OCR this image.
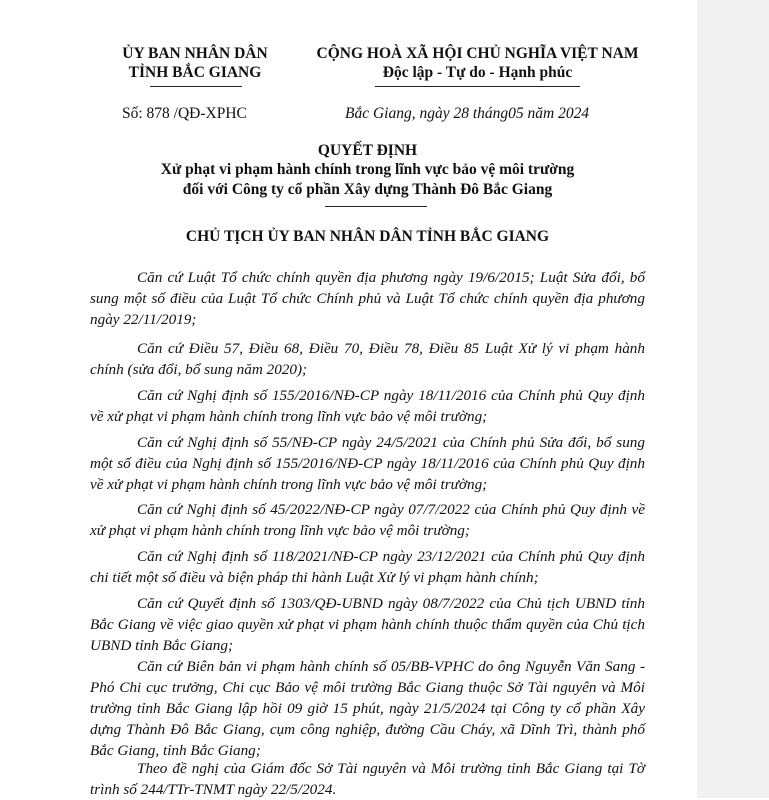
ỦY BAN NHÂN DÂN
TỈNH BẮC GIANG
CỘNG HOÀ XÃ HỘI CHỦ NGHĨA VIỆT NAM
Độc lập - Tự do - Hạnh phúc
Số: 878 /QĐ-XPHC	Bắc Giang, ngày 28 tháng05 năm 2024
QUYẾT ĐỊNH
Xử phạt vi phạm hành chính trong lĩnh vực bảo vệ môi trường
đối với Công ty cổ phần Xây dựng Thành Đô Bắc Giang
CHỦ TỊCH ỦY BAN NHÂN DÂN TỈNH BẮC GIANG
Căn cứ Luật Tổ chức chính quyền địa phương ngày 19/6/2015; Luật Sửa đổi, bổ sung một số điều của Luật Tổ chức Chính phủ và Luật Tổ chức chính quyền địa phương ngày 22/11/2019;
Căn cứ Điều 57, Điều 68, Điều 70, Điều 78, Điều 85 Luật Xử lý vi phạm hành chính (sửa đổi, bổ sung năm 2020);
Căn cứ Nghị định số 155/2016/NĐ-CP ngày 18/11/2016 của Chính phủ Quy định về xử phạt vi phạm hành chính trong lĩnh vực bảo vệ môi trường;
Căn cứ Nghị định số 55/NĐ-CP ngày 24/5/2021 của Chính phủ Sửa đổi, bổ sung một số điều của Nghị định số 155/2016/NĐ-CP ngày 18/11/2016 của Chính phủ Quy định về xử phạt vi phạm hành chính trong lĩnh vực bảo vệ môi trường;
Căn cứ Nghị định số 45/2022/NĐ-CP ngày 07/7/2022 của Chính phủ Quy định về xử phạt vi phạm hành chính trong lĩnh vực bảo vệ môi trường;
Căn cứ Nghị định số 118/2021/NĐ-CP ngày 23/12/2021 của Chính phủ Quy định chi tiết một số điều và biện pháp thi hành Luật Xử lý vi phạm hành chính;
Căn cứ Quyết định số 1303/QĐ-UBND ngày 08/7/2022 của Chủ tịch UBND tỉnh Bắc Giang về việc giao quyền xử phạt vi phạm hành chính thuộc thẩm quyền của Chủ tịch UBND tỉnh Bắc Giang;
Căn cứ Biên bản vi phạm hành chính số 05/BB-VPHC do ông Nguyễn Văn Sang - Phó Chi cục trưởng, Chi cục Bảo vệ môi trường Bắc Giang thuộc Sở Tài nguyên và Môi trường tỉnh Bắc Giang lập hồi 09 giờ 15 phút, ngày 21/5/2024 tại Công ty cổ phần Xây dựng Thành Đô Bắc Giang, cụm công nghiệp, đường Cầu Cháy, xã Dĩnh Trì, thành phố Bắc Giang, tỉnh Bắc Giang;
Theo đề nghị của Giám đốc Sở Tài nguyên và Môi trường tỉnh Bắc Giang tại Tờ trình số 244/TTr-TNMT ngày 22/5/2024.
